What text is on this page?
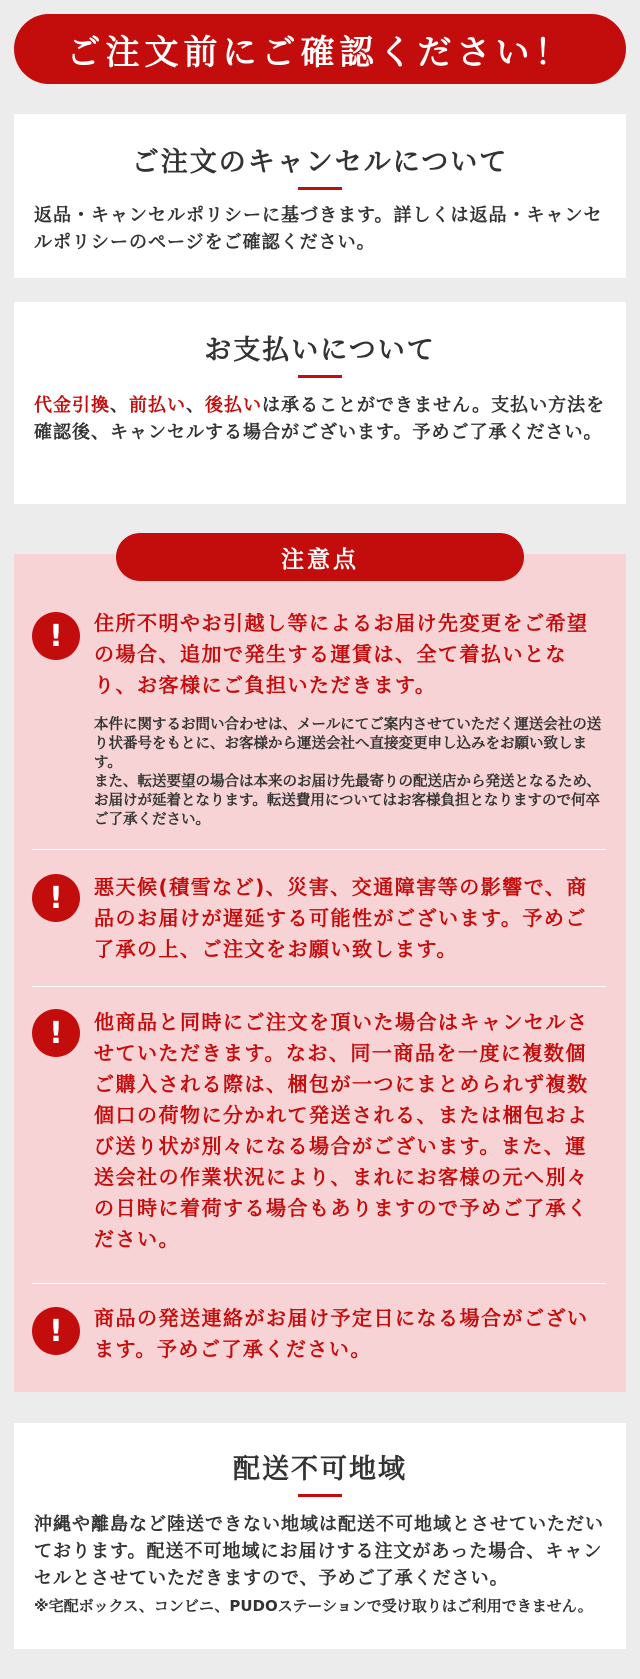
ご注文前にご確認ください！
ご注文のキャンセルについて
返品・キャンセルポリシーに基づきます。詳しくは返品・キャンセルポリシーのページをご確認ください。
お支払いについて
代金引換、前払い、後払いは承ることができません。支払い方法を確認後、キャンセルする場合がございます。予めご了承ください。
注意点
!	住所不明やお引越し等によるお届け先変更をご希望の場合、追加で発生する運賃は、全て着払いとなり、お客様にご負担いただきます。
本件に関するお問い合わせは、メールにてご案内させていただく運送会社の送り状番号をもとに、お客様から運送会社へ直接変更申し込みをお願い致します。
また、転送要望の場合は本来のお届け先最寄りの配送店から発送となるため、お届けが延着となります。転送費用についてはお客様負担となりますので何卒ご了承ください。
!	悪天候(積雪など)、災害、交通障害等の影響で、商品のお届けが遅延する可能性がございます。予めご了承の上、ご注文をお願い致します。
!	他商品と同時にご注文を頂いた場合はキャンセルさせていただきます。なお、同一商品を一度に複数個ご購入される際は、梱包が一つにまとめられず複数個口の荷物に分かれて発送される、または梱包および送り状が別々になる場合がございます。また、運送会社の作業状況により、まれにお客様の元へ別々の日時に着荷する場合もありますので予めご了承ください。
!	商品の発送連絡がお届け予定日になる場合がございます。予めご了承ください。
配送不可地域
沖縄や離島など陸送できない地域は配送不可地域とさせていただいております。配送不可地域にお届けする注文があった場合、キャンセルとさせていただきますので、予めご了承ください。
※宅配ボックス、コンビニ、PUDOステーションで受け取りはご利用できません。
